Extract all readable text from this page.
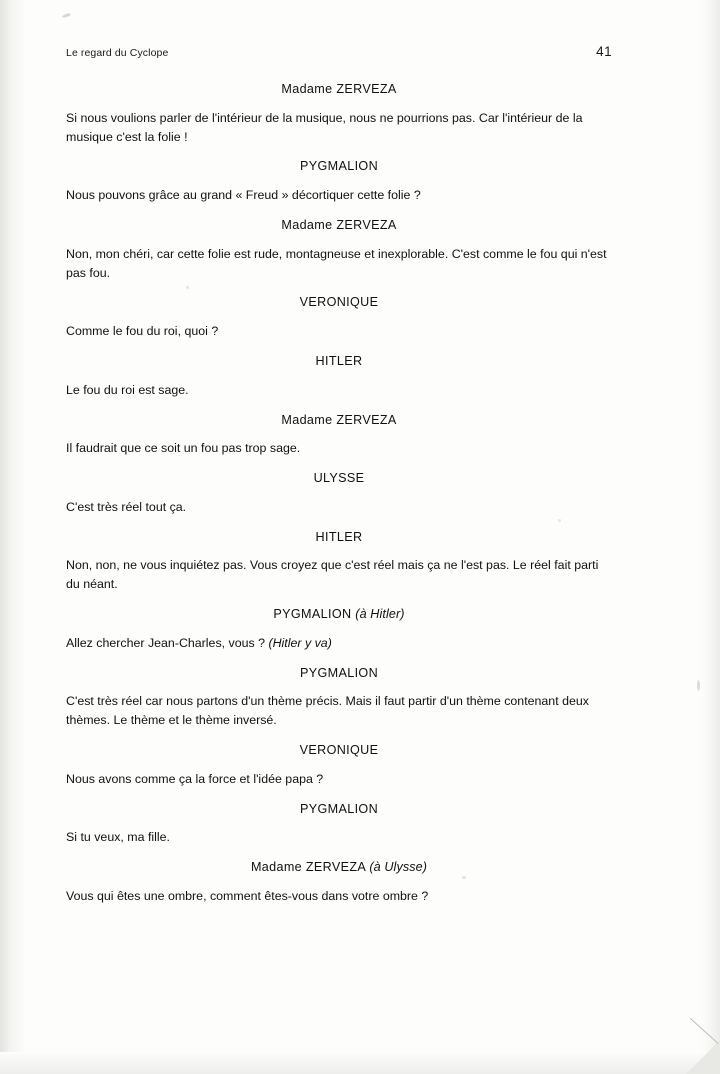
Le regard du Cyclope	41
Madame ZERVEZA
Si nous voulions parler de l'intérieur de la musique, nous ne pourrions pas. Car l'intérieur de la musique c'est la folie !
PYGMALION
Nous pouvons grâce au grand « Freud » décortiquer cette folie ?
Madame ZERVEZA
Non, mon chéri, car cette folie est rude, montagneuse et inexplorable. C'est comme le fou qui n'est pas fou.
VERONIQUE
Comme le fou du roi, quoi ?
HITLER
Le fou du roi est sage.
Madame ZERVEZA
Il faudrait que ce soit un fou pas trop sage.
ULYSSE
C'est très réel tout ça.
HITLER
Non, non, ne vous inquiétez pas. Vous croyez que c'est réel mais ça ne l'est pas. Le réel fait parti du néant.
PYGMALION (à Hitler)
Allez chercher Jean-Charles, vous ? (Hitler y va)
PYGMALION
C'est très réel car nous partons d'un thème précis. Mais il faut partir d'un thème contenant deux thèmes. Le thème et le thème inversé.
VERONIQUE
Nous avons comme ça la force et l'idée papa ?
PYGMALION
Si tu veux, ma fille.
Madame ZERVEZA (à Ulysse)
Vous qui êtes une ombre, comment êtes-vous dans votre ombre ?
